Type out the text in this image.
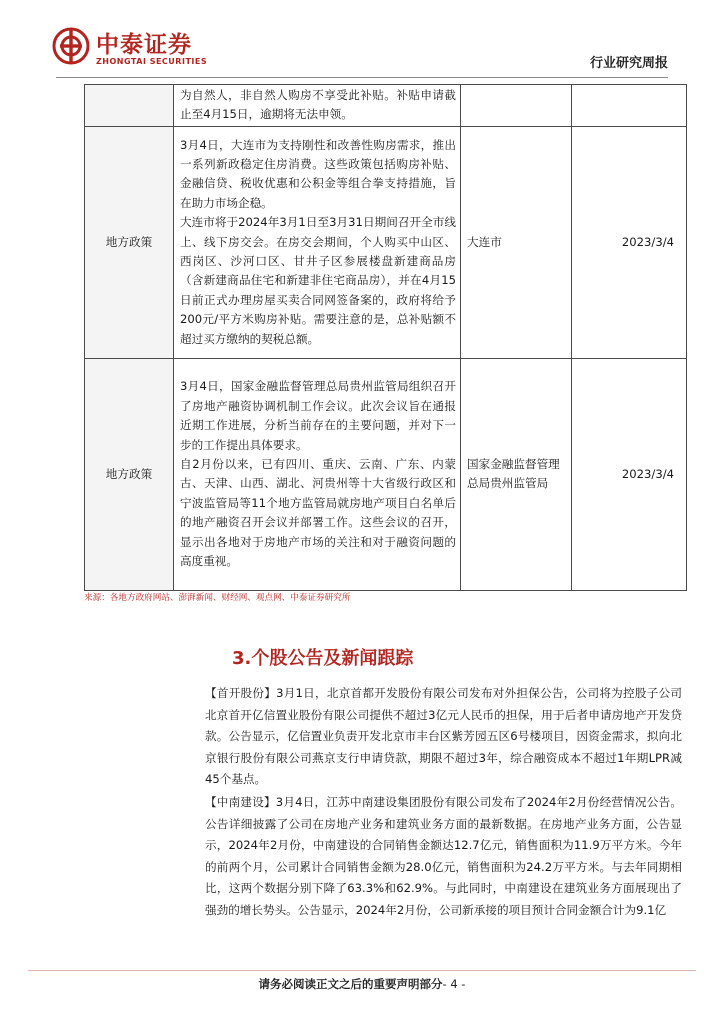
中泰证券
ZHONGTAI SECURITIES	行业研究周报
	为自然人，非自然人购房不享受此补贴。补贴申请截止至4月15日，逾期将无法申领。		
地方政策	3月4日，大连市为支持刚性和改善性购房需求，推出一系列新政稳定住房消费。这些政策包括购房补贴、金融信贷、税收优惠和公积金等组合拳支持措施，旨在助力市场企稳。
大连市将于2024年3月1日至3月31日期间召开全市线上、线下房交会。在房交会期间，个人购买中山区、西岗区、沙河口区、甘井子区参展楼盘新建商品房（含新建商品住宅和新建非住宅商品房），并在4月15日前正式办理房屋买卖合同网签备案的，政府将给予200元/平方米购房补贴。需要注意的是，总补贴额不超过买方缴纳的契税总额。	大连市	2023/3/4
地方政策	3月4日，国家金融监督管理总局贵州监管局组织召开了房地产融资协调机制工作会议。此次会议旨在通报近期工作进展，分析当前存在的主要问题，并对下一步的工作提出具体要求。
自2月份以来，已有四川、重庆、云南、广东、内蒙古、天津、山西、湖北、河贵州等十大省级行政区和宁波监管局等11个地方监管局就房地产项目白名单后的地产融资召开会议并部署工作。这些会议的召开，显示出各地对于房地产市场的关注和对于融资问题的高度重视。	国家金融监督管理总局贵州监管局	2023/3/4
来源：各地方政府网站、澎湃新闻、财经网、观点网、中泰证券研究所
3.个股公告及新闻跟踪
【首开股份】3月1日，北京首都开发股份有限公司发布对外担保公告，公司将为控股子公司北京首开亿信置业股份有限公司提供不超过3亿元人民币的担保，用于后者申请房地产开发贷款。公告显示，亿信置业负责开发北京市丰台区紫芳园五区6号楼项目，因资金需求，拟向北京银行股份有限公司燕京支行申请贷款，期限不超过3年，综合融资成本不超过1年期LPR减45个基点。
【中南建设】3月4日，江苏中南建设集团股份有限公司发布了2024年2月份经营情况公告。公告详细披露了公司在房地产业务和建筑业务方面的最新数据。在房地产业务方面，公告显示，2024年2月份，中南建设的合同销售金额达12.7亿元，销售面积为11.9万平方米。今年的前两个月，公司累计合同销售金额为28.0亿元，销售面积为24.2万平方米。与去年同期相比，这两个数据分别下降了63.3%和62.9%。与此同时，中南建设在建筑业务方面展现出了强劲的增长势头。公告显示，2024年2月份，公司新承接的项目预计合同金额合计为9.1亿
请务必阅读正文之后的重要声明部分- 4 -
